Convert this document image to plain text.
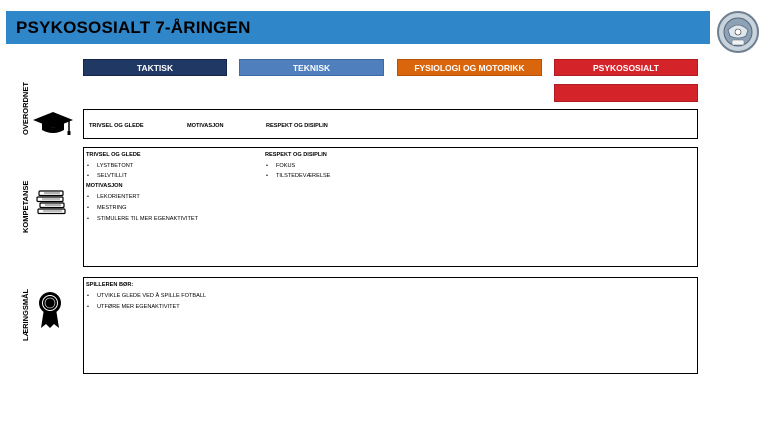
PSYKOSOSIALT 7-ÅRINGEN
TAKTISK	TEKNISK	FYSIOLOGI OG MOTORIKK	PSYKOSOSIALT
OVERORDNET	TRIVSEL OG GLEDE	MOTIVASJON	RESPEKT OG DISIPLIN
KOMPETANSE
TRIVSEL OG GLEDE
• LYSTBETONT
• SELVTILLIT
MOTIVASJON
• LEKORIENTERT
• MESTRING
• STIMULERE TIL MER EGENAKTIVITET
RESPEKT OG DISIPLIN
• FOKUS
• TILSTEDEVÆRELSE
LÆRINGSMÅL
SPILLEREN BØR:
• UTVIKLE GLEDE VED Å SPILLE FOTBALL
• UTFØRE MER EGENAKTIVITET
